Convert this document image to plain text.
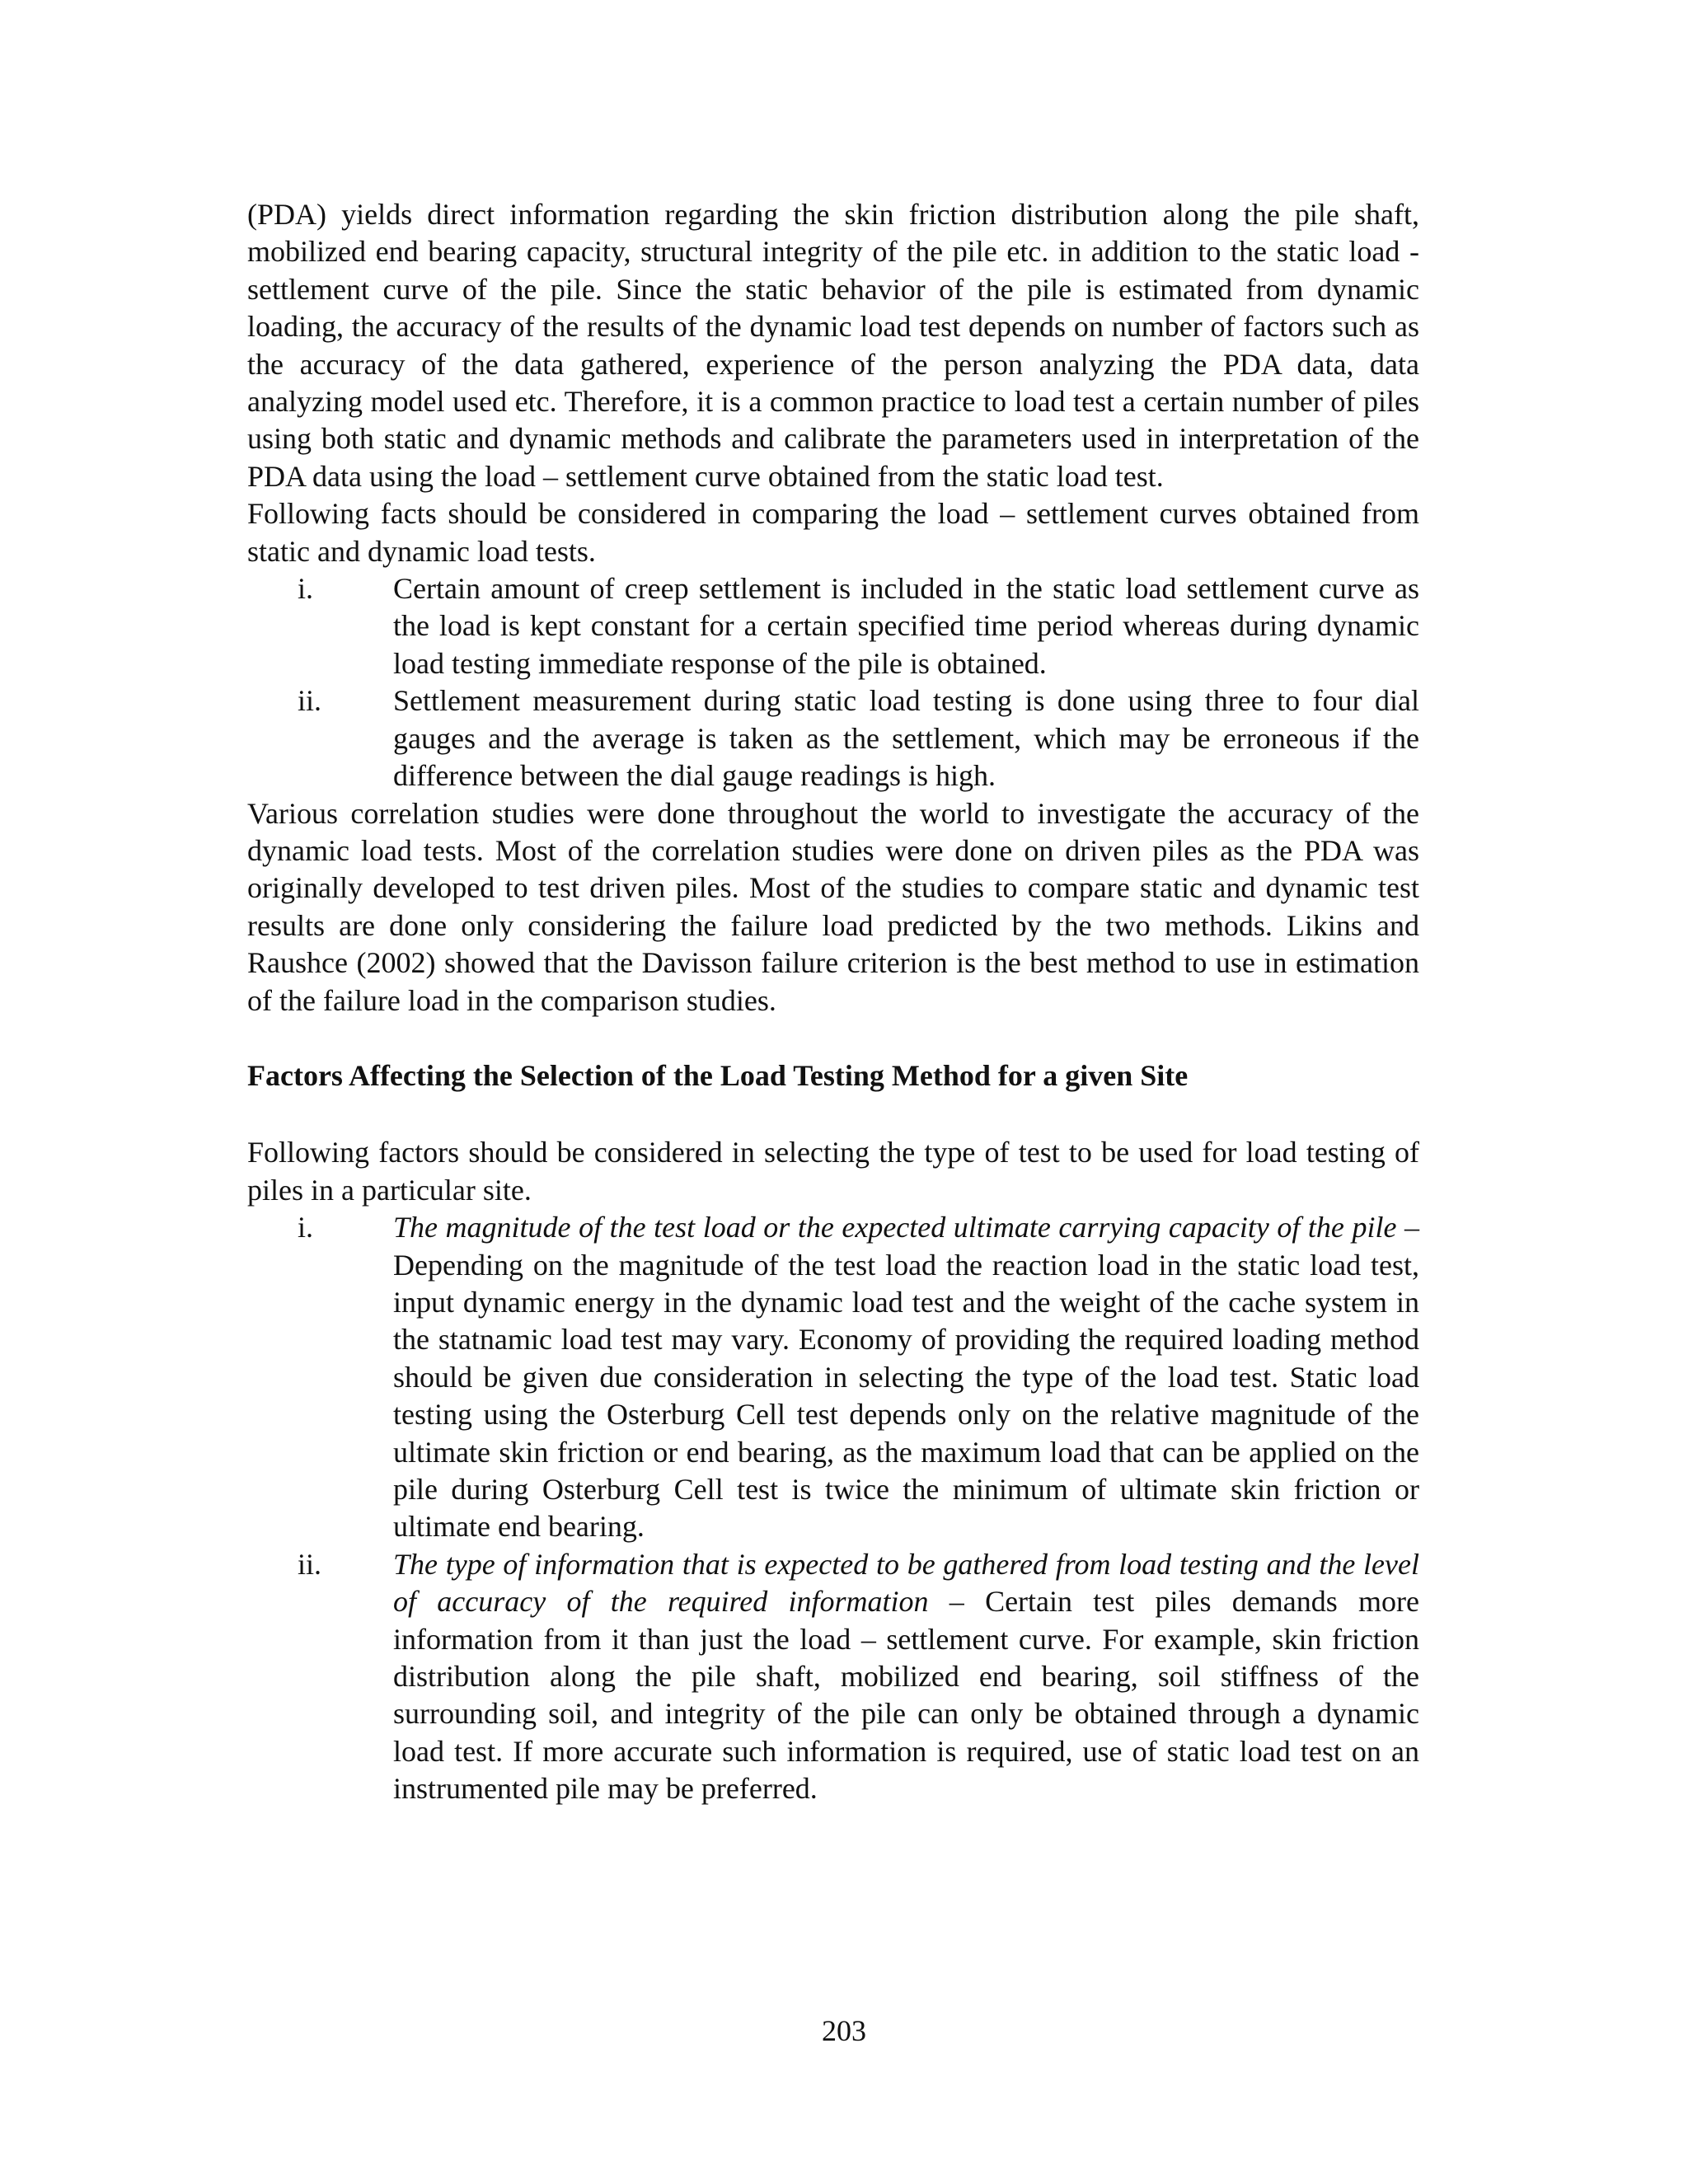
(PDA) yields direct information regarding the skin friction distribution along the pile shaft, mobilized end bearing capacity, structural integrity of the pile etc. in addition to the static load - settlement curve of the pile. Since the static behavior of the pile is estimated from dynamic loading, the accuracy of the results of the dynamic load test depends on number of factors such as the accuracy of the data gathered, experience of the person analyzing the PDA data, data analyzing model used etc. Therefore, it is a common practice to load test a certain number of piles using both static and dynamic methods and calibrate the parameters used in interpretation of the PDA data using the load – settlement curve obtained from the static load test.

Following facts should be considered in comparing the load – settlement curves obtained from static and dynamic load tests.

i.	Certain amount of creep settlement is included in the static load settlement curve as the load is kept constant for a certain specified time period whereas during dynamic load testing immediate response of the pile is obtained.
ii.	Settlement measurement during static load testing is done using three to four dial gauges and the average is taken as the settlement, which may be erroneous if the difference between the dial gauge readings is high.

Various correlation studies were done throughout the world to investigate the accuracy of the dynamic load tests. Most of the correlation studies were done on driven piles as the PDA was originally developed to test driven piles. Most of the studies to compare static and dynamic test results are done only considering the failure load predicted by the two methods. Likins and Raushce (2002) showed that the Davisson failure criterion is the best method to use in estimation of the failure load in the comparison studies.

Factors Affecting the Selection of the Load Testing Method for a given Site

Following factors should be considered in selecting the type of test to be used for load testing of piles in a particular site.

i.	The magnitude of the test load or the expected ultimate carrying capacity of the pile – Depending on the magnitude of the test load the reaction load in the static load test, input dynamic energy in the dynamic load test and the weight of the cache system in the statnamic load test may vary. Economy of providing the required loading method should be given due consideration in selecting the type of the load test. Static load testing using the Osterburg Cell test depends only on the relative magnitude of the ultimate skin friction or end bearing, as the maximum load that can be applied on the pile during Osterburg Cell test is twice the minimum of ultimate skin friction or ultimate end bearing.
ii.	The type of information that is expected to be gathered from load testing and the level of accuracy of the required information – Certain test piles demands more information from it than just the load – settlement curve. For example, skin friction distribution along the pile shaft, mobilized end bearing, soil stiffness of the surrounding soil, and integrity of the pile can only be obtained through a dynamic load test. If more accurate such information is required, use of static load test on an instrumented pile may be preferred.
203
